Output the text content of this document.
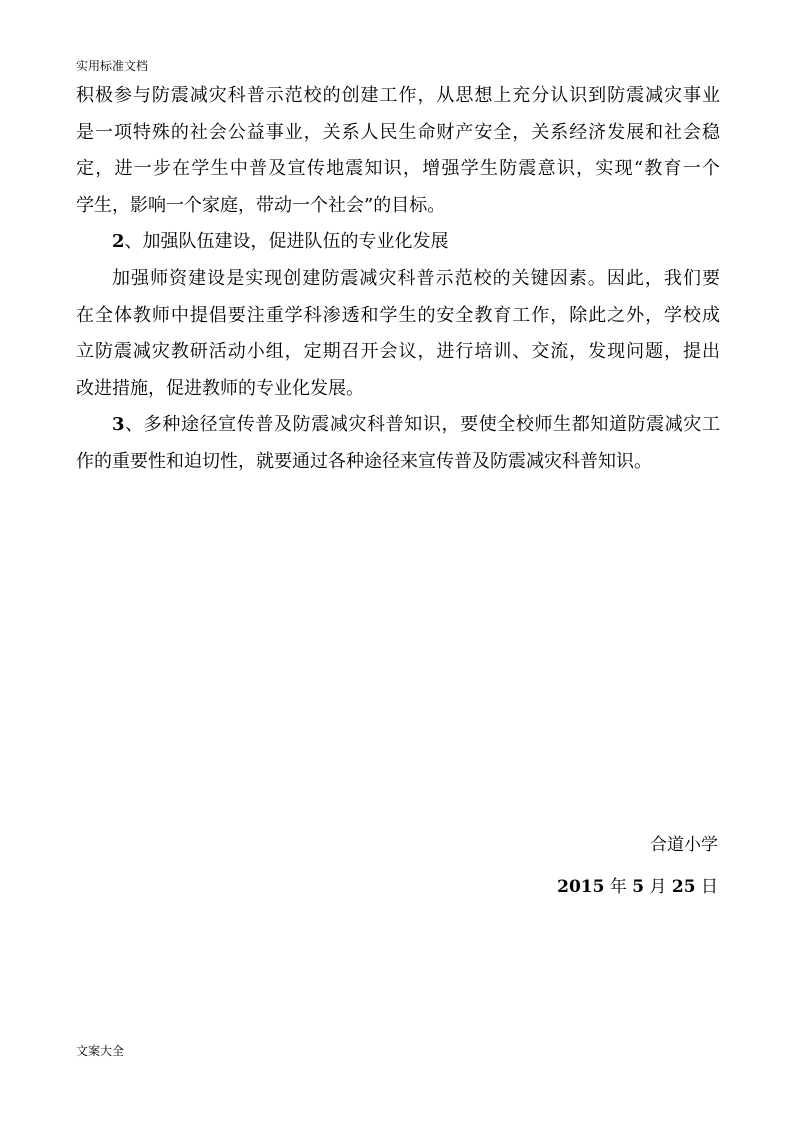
实用标准文档
积极参与防震减灾科普示范校的创建工作，从思想上充分认识到防震减灾事业
是一项特殊的社会公益事业，关系人民生命财产安全，关系经济发展和社会稳
定，进一步在学生中普及宣传地震知识，增强学生防震意识，实现“教育一个
学生，影响一个家庭，带动一个社会”的目标。
2、加强队伍建设，促进队伍的专业化发展
加强师资建设是实现创建防震减灾科普示范校的关键因素。因此，我们要
在全体教师中提倡要注重学科渗透和学生的安全教育工作，除此之外，学校成
立防震减灾教研活动小组，定期召开会议，进行培训、交流，发现问题，提出
改进措施，促进教师的专业化发展。
3、多种途径宣传普及防震减灾科普知识，要使全校师生都知道防震减灾工
作的重要性和迫切性，就要通过各种途径来宣传普及防震减灾科普知识。
合道小学
2015 年 5 月 25 日
文案大全
